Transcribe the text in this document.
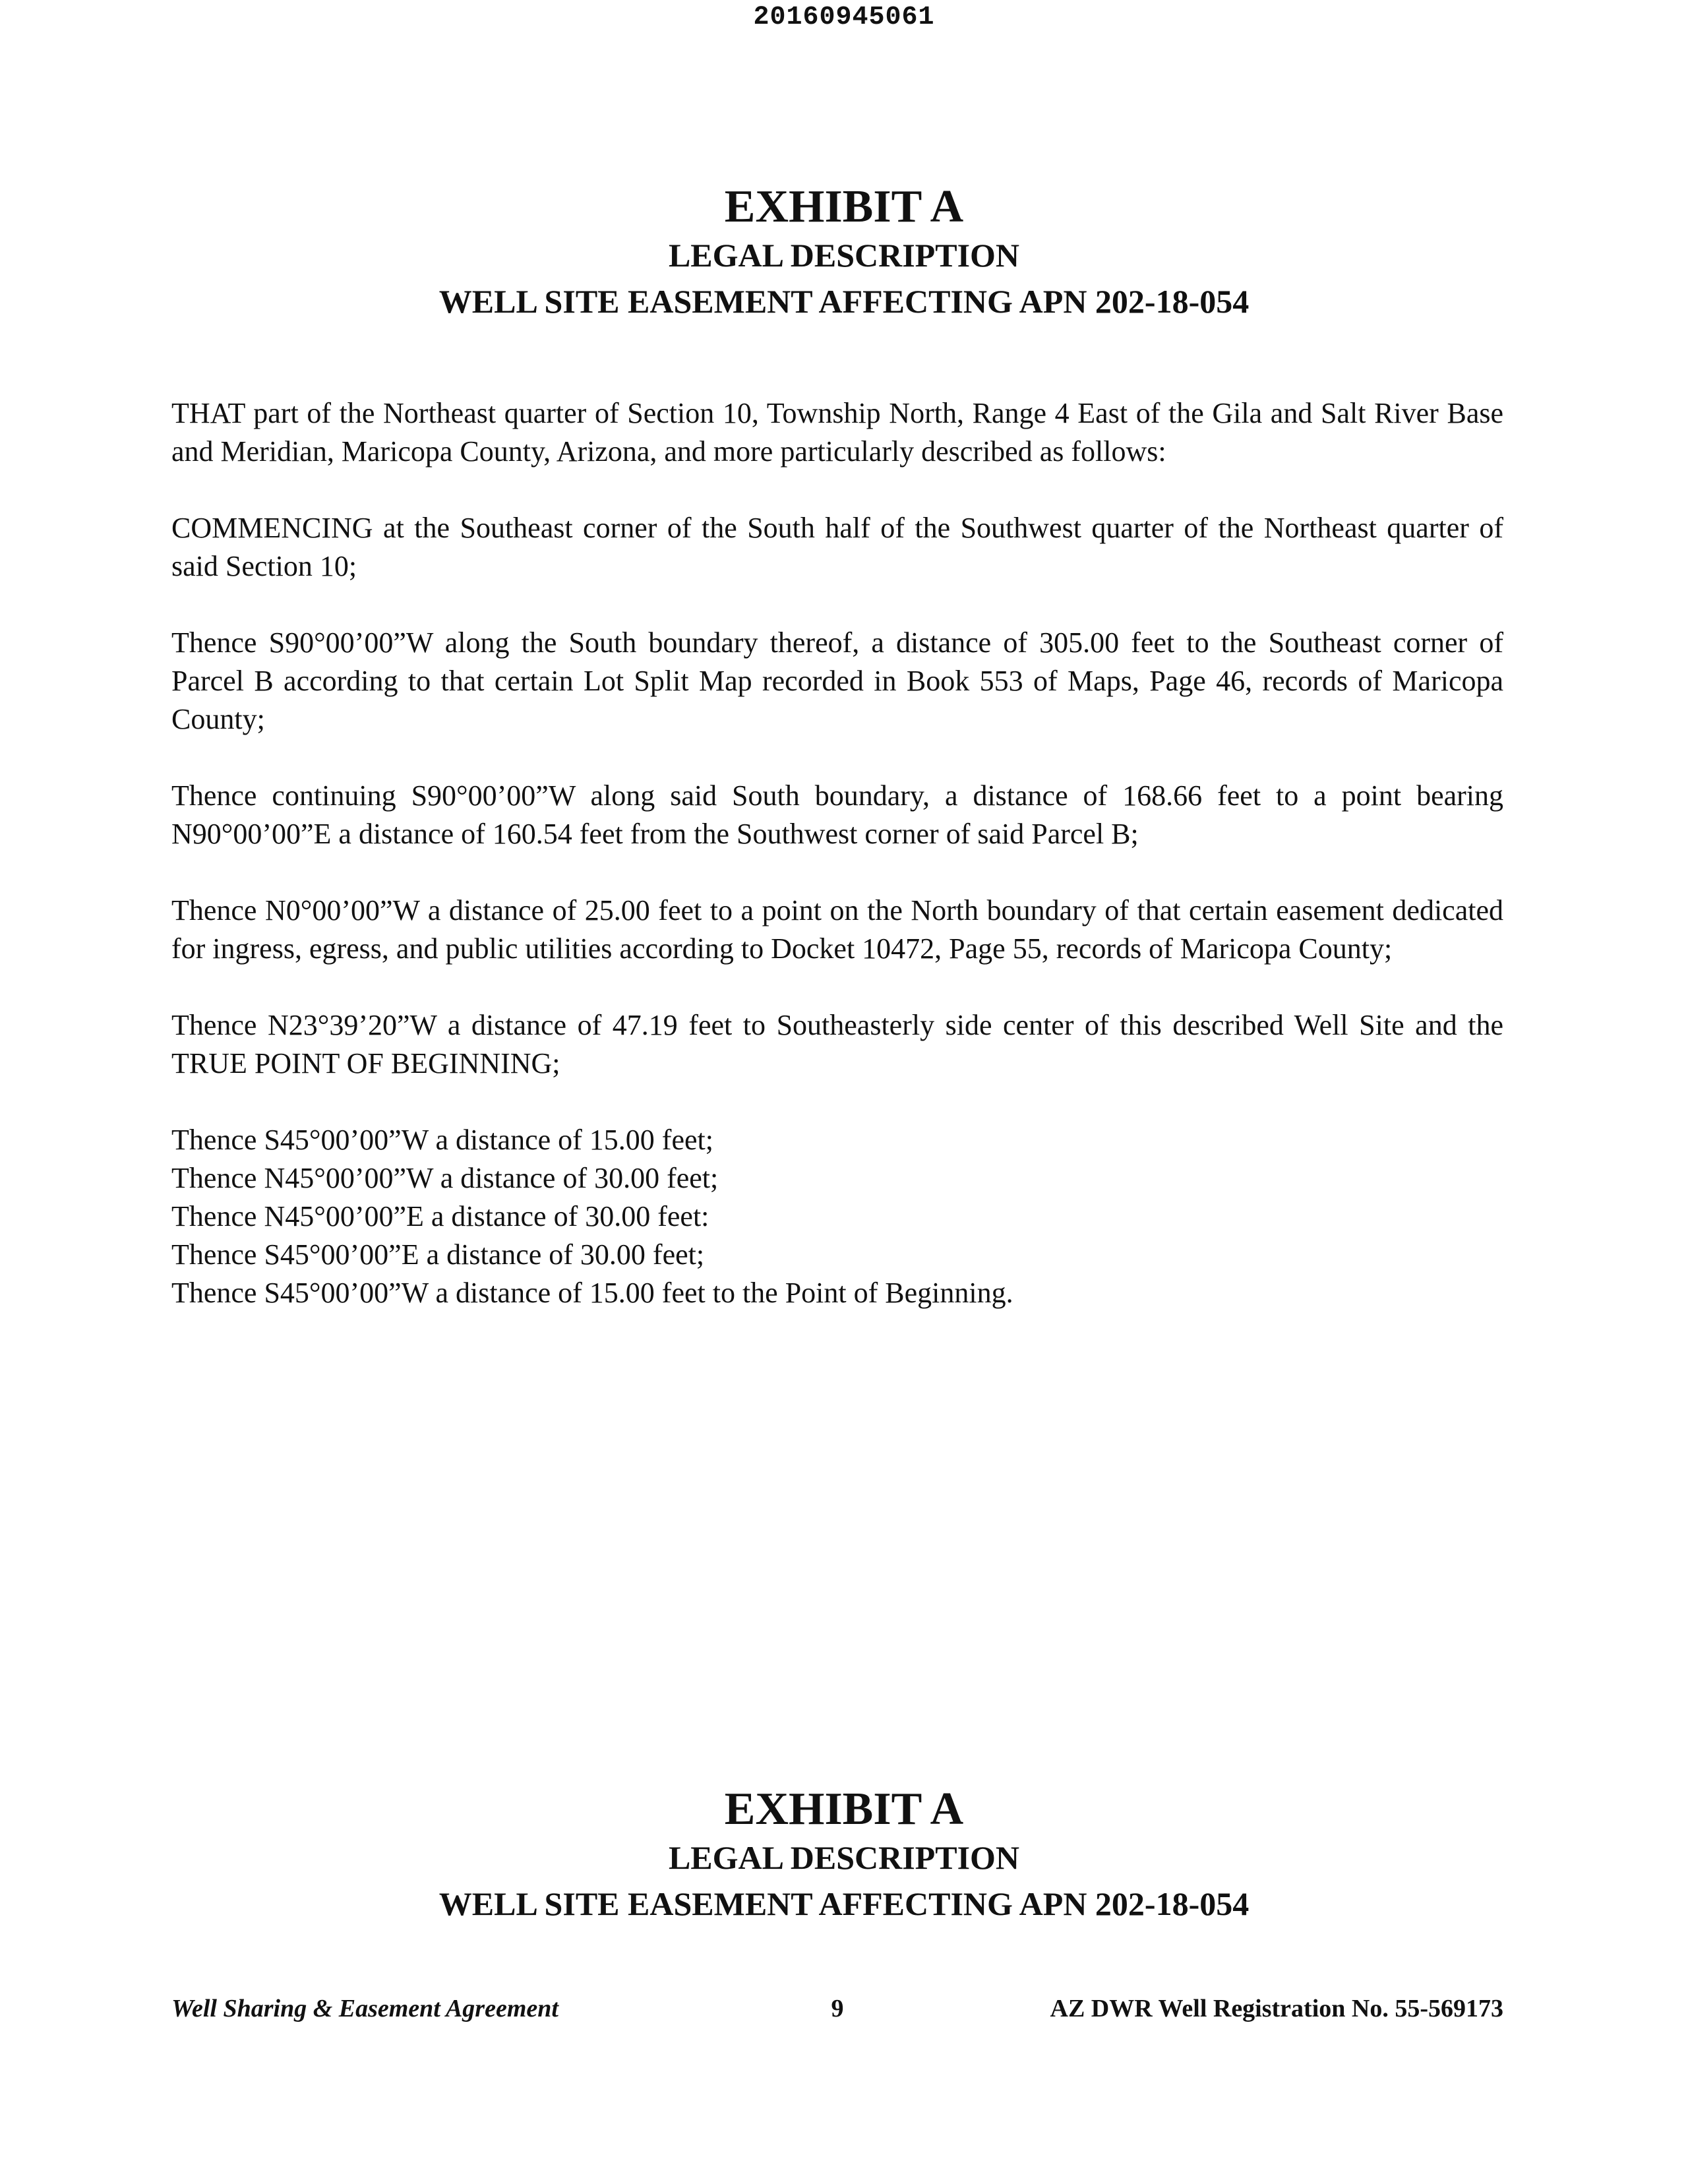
20160945061
EXHIBIT A
LEGAL DESCRIPTION
WELL SITE EASEMENT AFFECTING APN 202-18-054

THAT part of the Northeast quarter of Section 10, Township North, Range 4 East of the Gila and Salt River Base and Meridian, Maricopa County, Arizona, and more particularly described as follows:

COMMENCING at the Southeast corner of the South half of the Southwest quarter of the Northeast quarter of said Section 10;

Thence S90°00’00”W along the South boundary thereof, a distance of 305.00 feet to the Southeast corner of Parcel B according to that certain Lot Split Map recorded in Book 553 of Maps, Page 46, records of Maricopa County;

Thence continuing S90°00’00”W along said South boundary, a distance of 168.66 feet to a point bearing N90°00’00”E a distance of 160.54 feet from the Southwest corner of said Parcel B;

Thence N0°00’00”W a distance of 25.00 feet to a point on the North boundary of that certain easement dedicated for ingress, egress, and public utilities according to Docket 10472, Page 55, records of Maricopa County;

Thence N23°39’20”W a distance of 47.19 feet to Southeasterly side center of this described Well Site and the TRUE POINT OF BEGINNING;

Thence S45°00’00”W a distance of 15.00 feet;
Thence N45°00’00”W a distance of 30.00 feet;
Thence N45°00’00”E a distance of 30.00 feet:
Thence S45°00’00”E a distance of 30.00 feet;
Thence S45°00’00”W a distance of 15.00 feet to the Point of Beginning.
EXHIBIT A
LEGAL DESCRIPTION
WELL SITE EASEMENT AFFECTING APN 202-18-054
9
Well Sharing & Easement Agreement	AZ DWR Well Registration No. 55-569173
